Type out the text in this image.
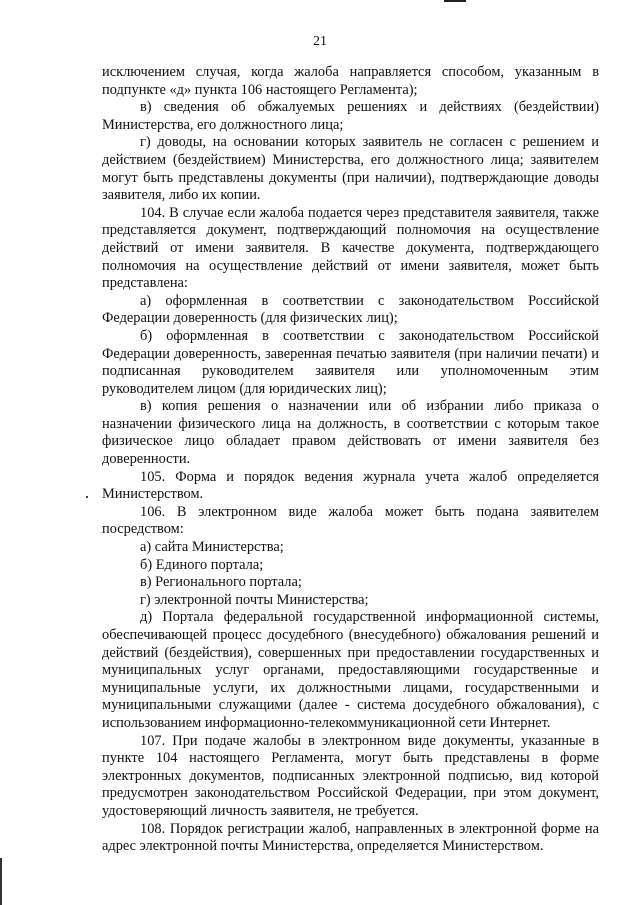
21

исключением случая, когда жалоба направляется способом, указанным в подпункте «д» пункта 106 настоящего Регламента);

в) сведения об обжалуемых решениях и действиях (бездействии) Министерства, его должностного лица;

г) доводы, на основании которых заявитель не согласен с решением и действием (бездействием) Министерства, его должностного лица; заявителем могут быть представлены документы (при наличии), подтверждающие доводы заявителя, либо их копии.

104. В случае если жалоба подается через представителя заявителя, также представляется документ, подтверждающий полномочия на осуществление действий от имени заявителя. В качестве документа, подтверждающего полномочия на осуществление действий от имени заявителя, может быть представлена:

а) оформленная в соответствии с законодательством Российской Федерации доверенность (для физических лиц);

б) оформленная в соответствии с законодательством Российской Федерации доверенность, заверенная печатью заявителя (при наличии печати) и подписанная руководителем заявителя или уполномоченным этим руководителем лицом (для юридических лиц);

в) копия решения о назначении или об избрании либо приказа о назначении физического лица на должность, в соответствии с которым такое физическое лицо обладает правом действовать от имени заявителя без доверенности.

105. Форма и порядок ведения журнала учета жалоб определяется Министерством.

106. В электронном виде жалоба может быть подана заявителем посредством:

а) сайта Министерства;

б) Единого портала;

в) Регионального портала;

г) электронной почты Министерства;

д) Портала федеральной государственной информационной системы, обеспечивающей процесс досудебного (внесудебного) обжалования решений и действий (бездействия), совершенных при предоставлении государственных и муниципальных услуг органами, предоставляющими государственные и муниципальные услуги, их должностными лицами, государственными и муниципальными служащими (далее - система досудебного обжалования), с использованием информационно-телекоммуникационной сети Интернет.

107. При подаче жалобы в электронном виде документы, указанные в пункте 104 настоящего Регламента, могут быть представлены в форме электронных документов, подписанных электронной подписью, вид которой предусмотрен законодательством Российской Федерации, при этом документ, удостоверяющий личность заявителя, не требуется.

108. Порядок регистрации жалоб, направленных в электронной форме на адрес электронной почты Министерства, определяется Министерством.
